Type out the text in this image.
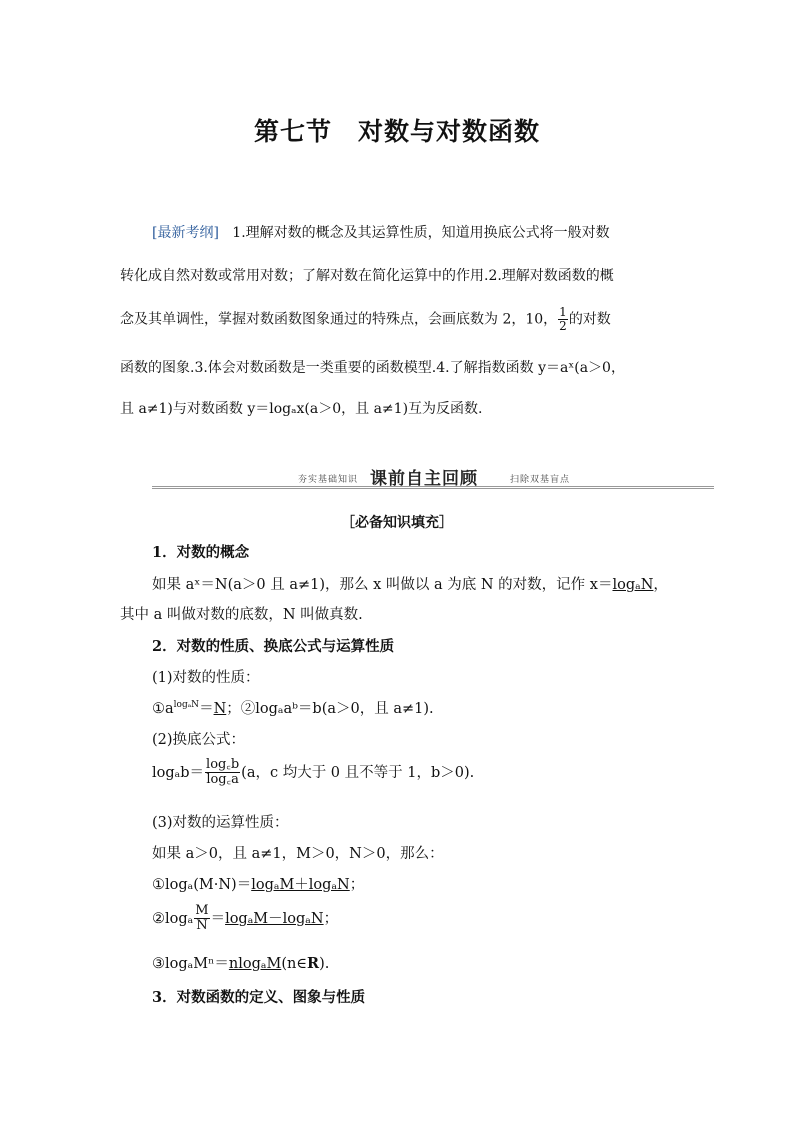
第七节 对数与对数函数
[最新考纲] 1.理解对数的概念及其运算性质，知道用换底公式将一般对数
转化成自然对数或常用对数；了解对数在简化运算中的作用.2.理解对数函数的概
念及其单调性，掌握对数函数图象通过的特殊点，会画底数为 2，10， $\frac{1}{2}$ 的对数
函数的图象.3.体会对数函数是一类重要的函数模型.4.了解指数函数 y＝aˣ(a＞0，
且 a≠1)与对数函数 y＝logₐx(a＞0，且 a≠1)互为反函数.
夯实基础知识 课前自主回顾	扫除双基盲点
［必备知识填充］
1．对数的概念
如果 aˣ＝N(a＞0 且 a≠1)，那么 x 叫做以 a 为底 N 的对数，记作 x＝logₐN，
其中 a 叫做对数的底数，N 叫做真数.
2．对数的性质、换底公式与运算性质
(1)对数的性质：
$①a^{log_aN}=N$；②logₐaᵇ＝b(a＞0，且 a≠1).
(2)换底公式：
$\log_ab= \frac{\log꜀b}{\log꜀a} (a$，c 均大于 0 且不等于 1，b＞0).
(3)对数的运算性质：
如果 a＞0，且 a≠1，M＞0，N＞0，那么：
①logₐ(M·N)＝logₐM＋logₐN；
②logₐ $\frac{M}{N} =\log_aM-\log_aN$；
③logₐMⁿ＝nlogₐM(n∈R).
3．对数函数的定义、图象与性质
